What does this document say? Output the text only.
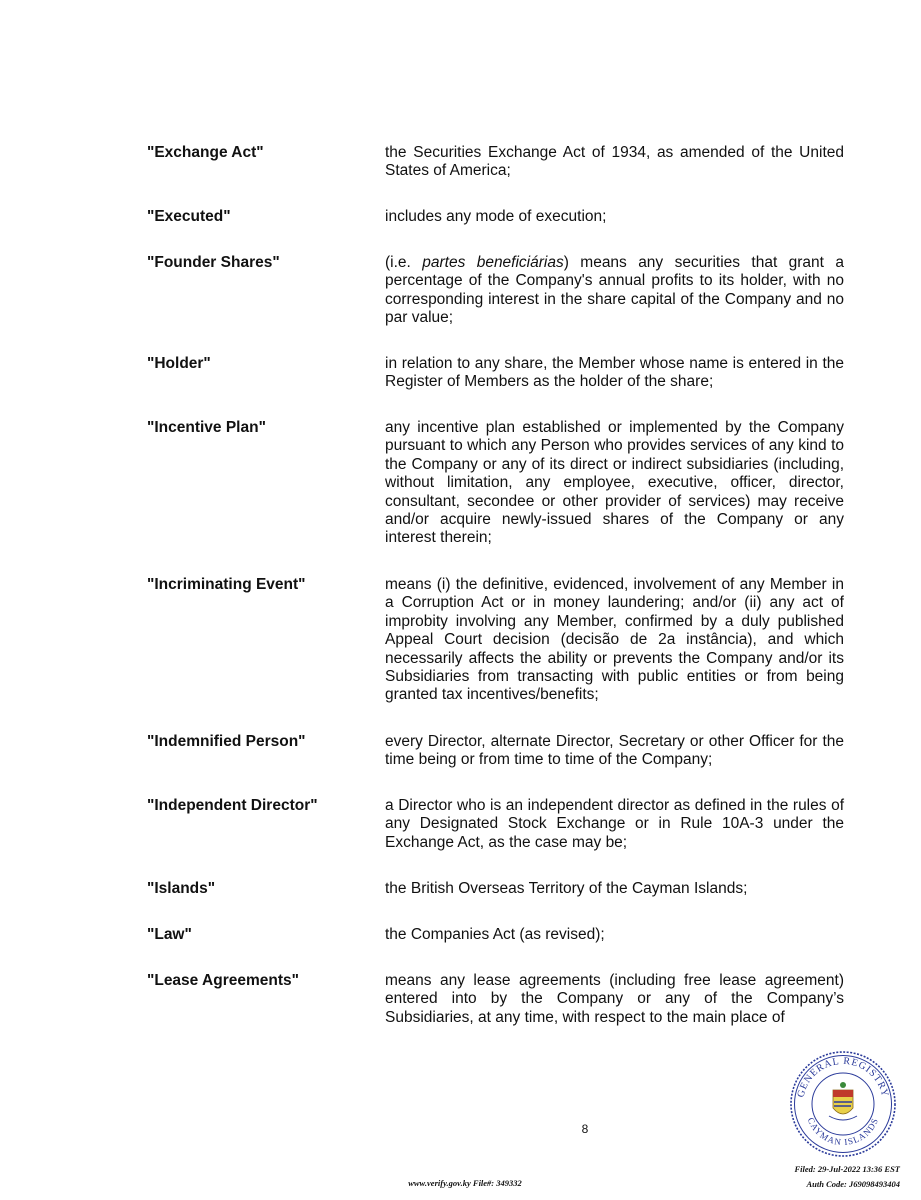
"Exchange Act"	the Securities Exchange Act of 1934, as amended of the United States of America;
"Executed"	includes any mode of execution;
"Founder Shares"	(i.e. partes beneficiárias) means any securities that grant a percentage of the Company's annual profits to its holder, with no corresponding interest in the share capital of the Company and no par value;
"Holder"	in relation to any share, the Member whose name is entered in the Register of Members as the holder of the share;
"Incentive Plan"	any incentive plan established or implemented by the Company pursuant to which any Person who provides services of any kind to the Company or any of its direct or indirect subsidiaries (including, without limitation, any employee, executive, officer, director, consultant, secondee or other provider of services) may receive and/or acquire newly-issued shares of the Company or any interest therein;
"Incriminating Event"	means (i) the definitive, evidenced, involvement of any Member in a Corruption Act or in money laundering; and/or (ii) any act of improbity involving any Member, confirmed by a duly published Appeal Court decision (decisão de 2a instância), and which necessarily affects the ability or prevents the Company and/or its Subsidiaries from transacting with public entities or from being granted tax incentives/benefits;
"Indemnified Person"	every Director, alternate Director, Secretary or other Officer for the time being or from time to time of the Company;
"Independent Director"	a Director who is an independent director as defined in the rules of any Designated Stock Exchange or in Rule 10A-3 under the Exchange Act, as the case may be;
"Islands"	the British Overseas Territory of the Cayman Islands;
"Law"	the Companies Act (as revised);
"Lease Agreements"	means any lease agreements (including free lease agreement) entered into by the Company or any of the Company’s Subsidiaries, at any time, with respect to the main place of
8
GENERAL REGISTRY
CAYMAN ISLANDS
www.verify.gov.ky File#: 349332
Filed: 29-Jul-2022 13:36 EST
Auth Code: J69098493404
